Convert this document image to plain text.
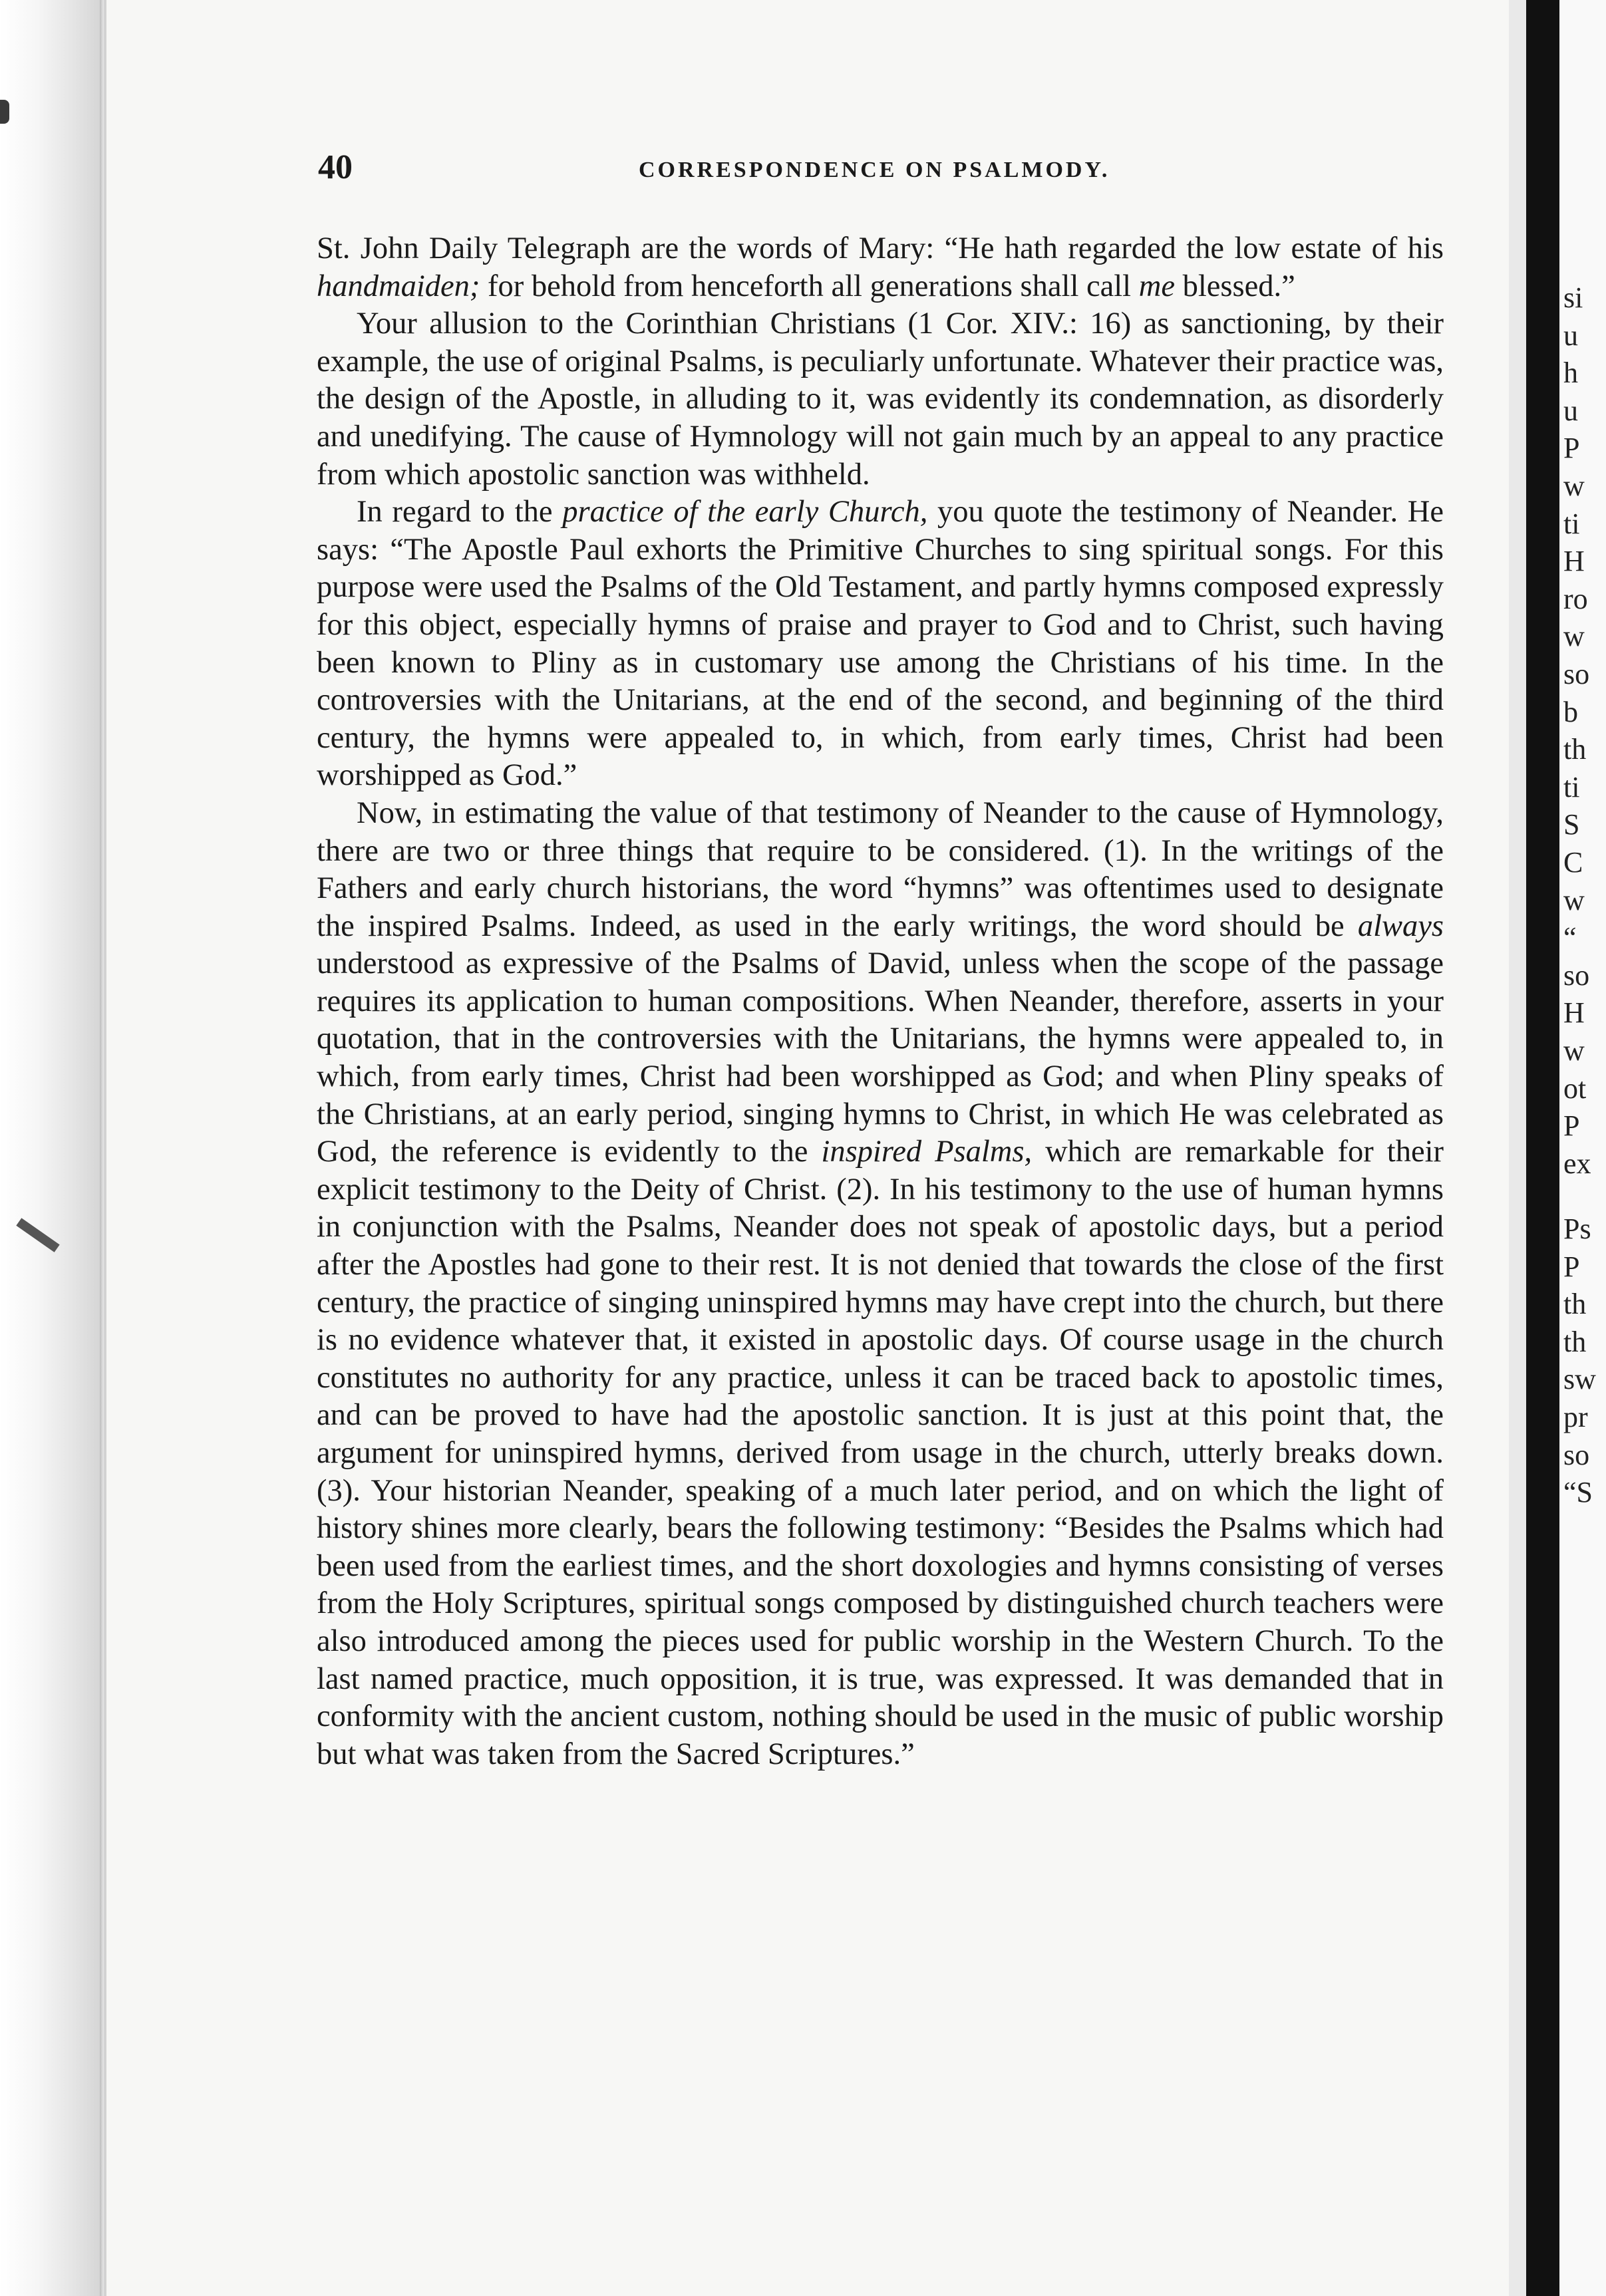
40	CORRESPONDENCE ON PSALMODY.

St. John Daily Telegraph are the words of Mary: “He hath regarded the low estate of his handmaiden; for behold from henceforth all generations shall call me blessed.”

Your allusion to the Corinthian Christians (1 Cor. XIV.: 16) as sanctioning, by their example, the use of original Psalms, is peculiarly unfortunate. Whatever their practice was, the design of the Apostle, in alluding to it, was evidently its condemnation, as disorderly and unedifying. The cause of Hymnology will not gain much by an appeal to any practice from which apostolic sanction was withheld.

In regard to the practice of the early Church, you quote the testimony of Neander. He says: “The Apostle Paul exhorts the Primitive Churches to sing spiritual songs. For this purpose were used the Psalms of the Old Testament, and partly hymns composed expressly for this object, especially hymns of praise and prayer to God and to Christ, such having been known to Pliny as in customary use among the Christians of his time. In the controversies with the Unitarians, at the end of the second, and beginning of the third century, the hymns were appealed to, in which, from early times, Christ had been worshipped as God.”

Now, in estimating the value of that testimony of Neander to the cause of Hymnology, there are two or three things that require to be considered. (1). In the writings of the Fathers and early church historians, the word “hymns” was oftentimes used to designate the inspired Psalms. Indeed, as used in the early writings, the word should be always understood as expressive of the Psalms of David, unless when the scope of the passage requires its application to human compositions. When Neander, therefore, asserts in your quotation, that in the controversies with the Unitarians, the hymns were appealed to, in which, from early times, Christ had been worshipped as God; and when Pliny speaks of the Christians, at an early period, singing hymns to Christ, in which He was celebrated as God, the reference is evidently to the inspired Psalms, which are remarkable for their explicit testimony to the Deity of Christ. (2). In his testimony to the use of human hymns in conjunction with the Psalms, Neander does not speak of apostolic days, but a period after the Apostles had gone to their rest. It is not denied that towards the close of the first century, the practice of singing uninspired hymns may have crept into the church, but there is no evidence whatever that, it existed in apostolic days. Of course usage in the church constitutes no authority for any practice, unless it can be traced back to apostolic times, and can be proved to have had the apostolic sanction. It is just at this point that, the argument for uninspired hymns, derived from usage in the church, utterly breaks down. (3). Your historian Neander, speaking of a much later period, and on which the light of history shines more clearly, bears the following testimony: “Besides the Psalms which had been used from the earliest times, and the short doxologies and hymns consisting of verses from the Holy Scriptures, spiritual songs composed by distinguished church teachers were also introduced among the pieces used for public worship in the Western Church. To the last named practice, much opposition, it is true, was expressed. It was demanded that in conformity with the ancient custom, nothing should be used in the music of public worship but what was taken from the Sacred Scriptures.”

si
u
h
u
P
w
ti
H
rο
w
sο
b
th
ti
S
C
w
“
sο
H
w
ot
P
ex
Ps
P
th
th
sw
pr
so
“S
